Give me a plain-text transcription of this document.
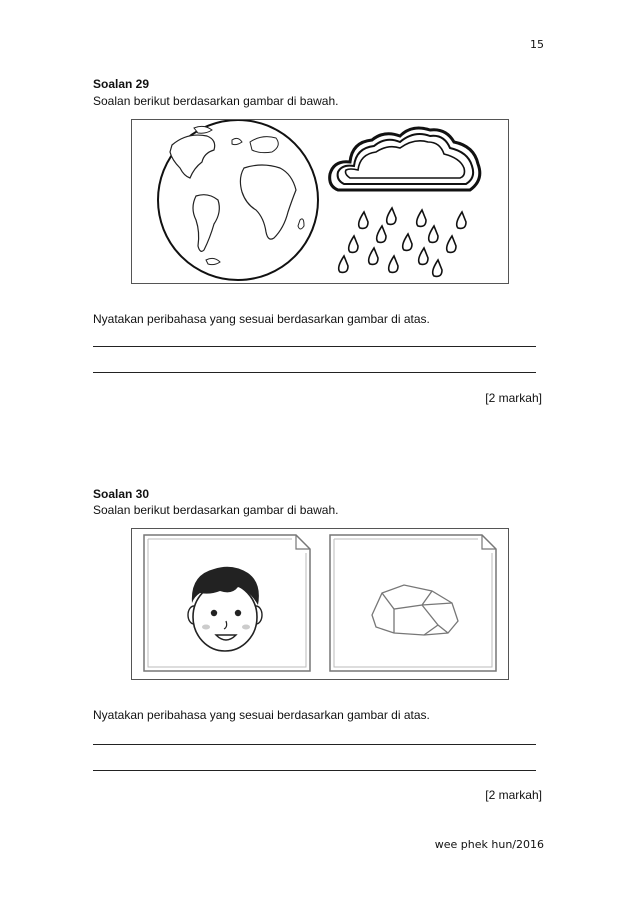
15
Soalan 29
Soalan berikut berdasarkan gambar di bawah.
Nyatakan peribahasa yang sesuai berdasarkan gambar di atas.
[2 markah]
Soalan 30
Soalan berikut berdasarkan gambar di bawah.
Nyatakan peribahasa yang sesuai berdasarkan gambar di atas.
[2 markah]
wee phek hun/2016
